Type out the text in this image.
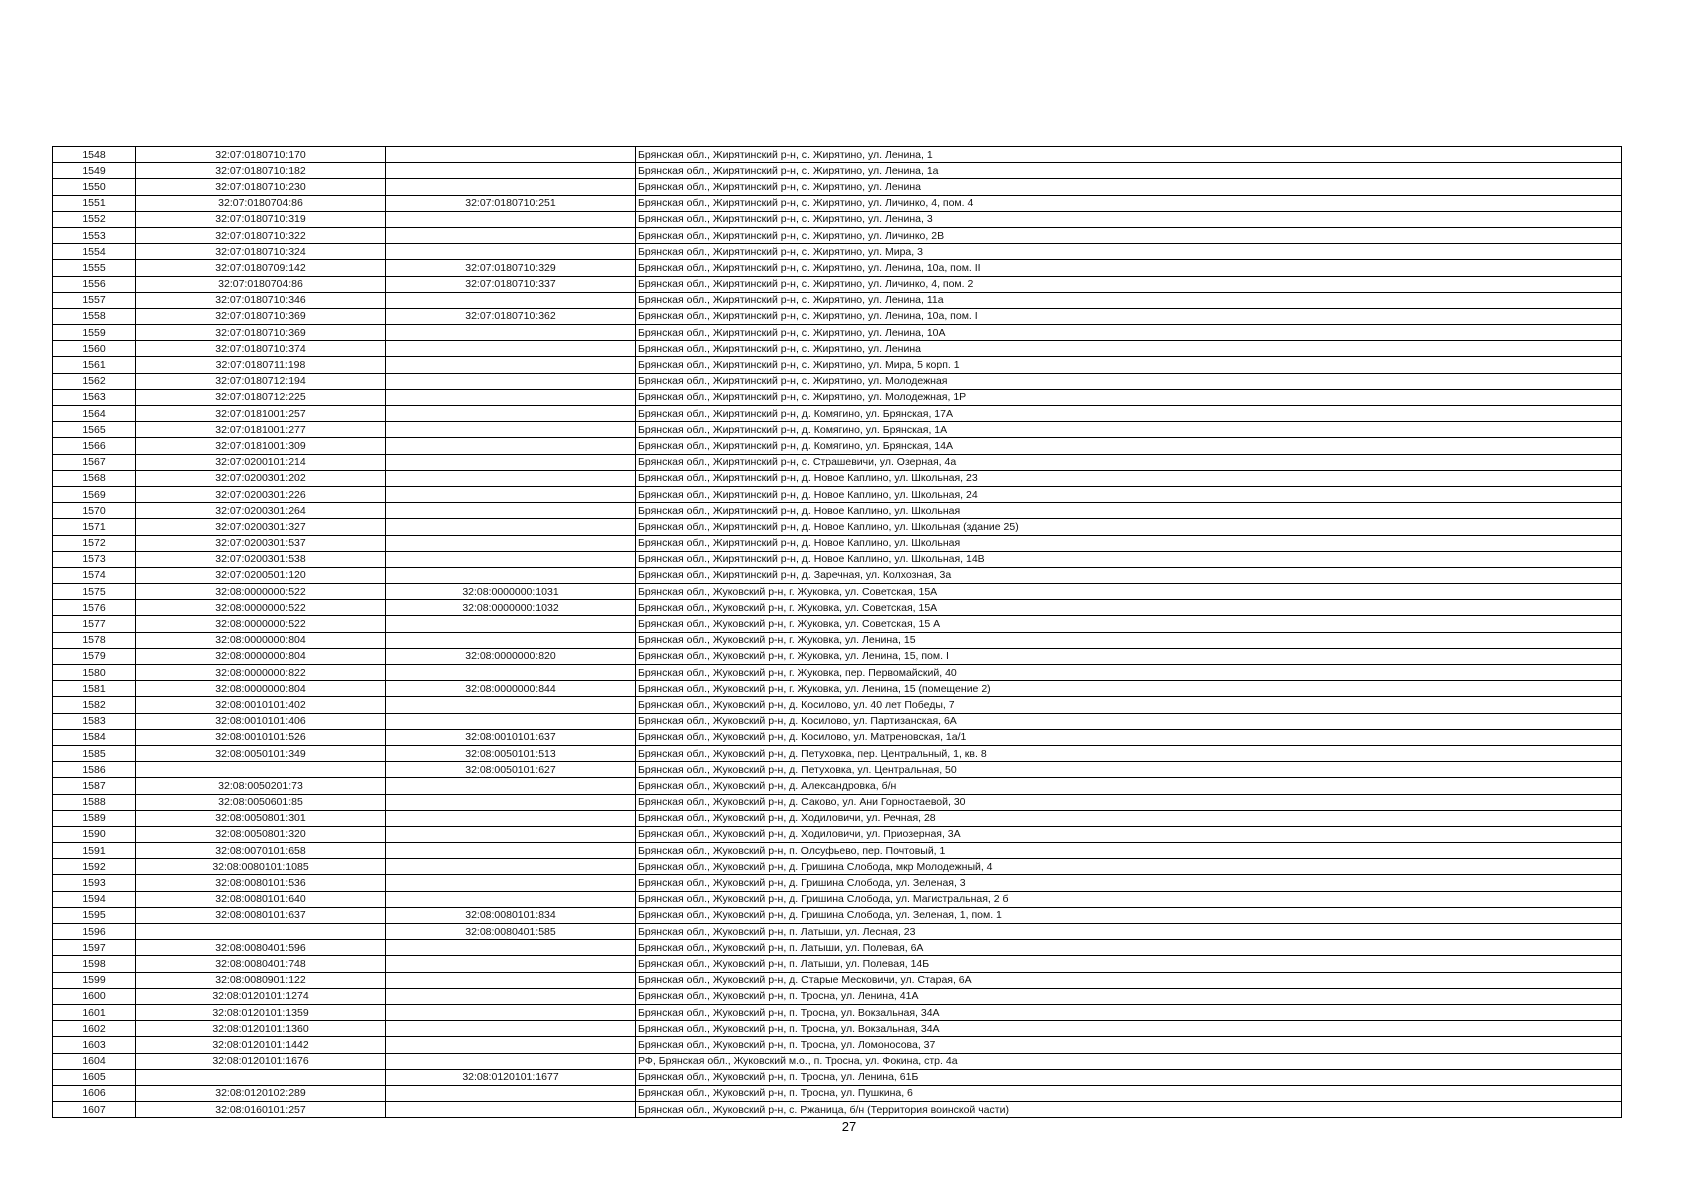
1548	32:07:0180710:170		Брянская обл., Жирятинский р-н, с. Жирятино, ул. Ленина, 1
1549	32:07:0180710:182		Брянская обл., Жирятинский р-н, с. Жирятино, ул. Ленина, 1а
1550	32:07:0180710:230		Брянская обл., Жирятинский р-н, с. Жирятино, ул. Ленина
1551	32:07:0180704:86	32:07:0180710:251	Брянская обл., Жирятинский р-н, с. Жирятино, ул. Личинко, 4, пом. 4
1552	32:07:0180710:319		Брянская обл., Жирятинский р-н, с. Жирятино, ул. Ленина, 3
1553	32:07:0180710:322		Брянская обл., Жирятинский р-н, с. Жирятино, ул. Личинко, 2В
1554	32:07:0180710:324		Брянская обл., Жирятинский р-н, с. Жирятино, ул. Мира, 3
1555	32:07:0180709:142	32:07:0180710:329	Брянская обл., Жирятинский р-н, с. Жирятино, ул. Ленина, 10а, пом. II
1556	32:07:0180704:86	32:07:0180710:337	Брянская обл., Жирятинский р-н, с. Жирятино, ул. Личинко, 4, пом. 2
1557	32:07:0180710:346		Брянская обл., Жирятинский р-н, с. Жирятино, ул. Ленина, 11а
1558	32:07:0180710:369	32:07:0180710:362	Брянская обл., Жирятинский р-н, с. Жирятино, ул. Ленина, 10а, пом. I
1559	32:07:0180710:369		Брянская обл., Жирятинский р-н, с. Жирятино, ул. Ленина, 10А
1560	32:07:0180710:374		Брянская обл., Жирятинский р-н, с. Жирятино, ул. Ленина
1561	32:07:0180711:198		Брянская обл., Жирятинский р-н, с. Жирятино, ул. Мира, 5 корп. 1
1562	32:07:0180712:194		Брянская обл., Жирятинский р-н, с. Жирятино, ул. Молодежная
1563	32:07:0180712:225		Брянская обл., Жирятинский р-н, с. Жирятино, ул. Молодежная, 1Р
1564	32:07:0181001:257		Брянская обл., Жирятинский р-н, д. Комягино, ул. Брянская, 17А
1565	32:07:0181001:277		Брянская обл., Жирятинский р-н, д. Комягино, ул. Брянская, 1А
1566	32:07:0181001:309		Брянская обл., Жирятинский р-н, д. Комягино, ул. Брянская, 14А
1567	32:07:0200101:214		Брянская обл., Жирятинский р-н, с. Страшевичи, ул. Озерная, 4а
1568	32:07:0200301:202		Брянская обл., Жирятинский р-н, д. Новое Каплино, ул. Школьная, 23
1569	32:07:0200301:226		Брянская обл., Жирятинский р-н, д. Новое Каплино, ул. Школьная, 24
1570	32:07:0200301:264		Брянская обл., Жирятинский р-н, д. Новое Каплино, ул. Школьная
1571	32:07:0200301:327		Брянская обл., Жирятинский р-н, д. Новое Каплино, ул. Школьная (здание 25)
1572	32:07:0200301:537		Брянская обл., Жирятинский р-н, д. Новое Каплино, ул. Школьная
1573	32:07:0200301:538		Брянская обл., Жирятинский р-н, д. Новое Каплино, ул. Школьная, 14В
1574	32:07:0200501:120		Брянская обл., Жирятинский р-н, д. Заречная, ул. Колхозная, 3а
1575	32:08:0000000:522	32:08:0000000:1031	Брянская обл., Жуковский р-н, г. Жуковка, ул. Советская, 15А
1576	32:08:0000000:522	32:08:0000000:1032	Брянская обл., Жуковский р-н, г. Жуковка, ул. Советская, 15А
1577	32:08:0000000:522		Брянская обл., Жуковский р-н, г. Жуковка, ул. Советская, 15 А
1578	32:08:0000000:804		Брянская обл., Жуковский р-н, г. Жуковка, ул. Ленина, 15
1579	32:08:0000000:804	32:08:0000000:820	Брянская обл., Жуковский р-н, г. Жуковка, ул. Ленина, 15, пом. I
1580	32:08:0000000:822		Брянская обл., Жуковский р-н, г. Жуковка, пер. Первомайский, 40
1581	32:08:0000000:804	32:08:0000000:844	Брянская обл., Жуковский р-н, г. Жуковка, ул. Ленина, 15 (помещение 2)
1582	32:08:0010101:402		Брянская обл., Жуковский р-н, д. Косилово, ул. 40 лет Победы, 7
1583	32:08:0010101:406		Брянская обл., Жуковский р-н, д. Косилово, ул. Партизанская, 6А
1584	32:08:0010101:526	32:08:0010101:637	Брянская обл., Жуковский р-н, д. Косилово, ул. Матреновская, 1а/1
1585	32:08:0050101:349	32:08:0050101:513	Брянская обл., Жуковский р-н, д. Петуховка, пер. Центральный, 1, кв. 8
1586		32:08:0050101:627	Брянская обл., Жуковский р-н, д. Петуховка, ул. Центральная, 50
1587	32:08:0050201:73		Брянская обл., Жуковский р-н, д. Александровка, б/н
1588	32:08:0050601:85		Брянская обл., Жуковский р-н, д. Саково, ул. Ани Горностаевой, 30
1589	32:08:0050801:301		Брянская обл., Жуковский р-н, д. Ходиловичи, ул. Речная, 28
1590	32:08:0050801:320		Брянская обл., Жуковский р-н, д. Ходиловичи, ул. Приозерная, 3А
1591	32:08:0070101:658		Брянская обл., Жуковский р-н, п. Олсуфьево, пер. Почтовый, 1
1592	32:08:0080101:1085		Брянская обл., Жуковский р-н, д. Гришина Слобода, мкр Молодежный, 4
1593	32:08:0080101:536		Брянская обл., Жуковский р-н, д. Гришина Слобода, ул. Зеленая, 3
1594	32:08:0080101:640		Брянская обл., Жуковский р-н, д. Гришина Слобода, ул. Магистральная, 2 б
1595	32:08:0080101:637	32:08:0080101:834	Брянская обл., Жуковский р-н, д. Гришина Слобода, ул. Зеленая, 1, пом. 1
1596		32:08:0080401:585	Брянская обл., Жуковский р-н, п. Латыши, ул. Лесная, 23
1597	32:08:0080401:596		Брянская обл., Жуковский р-н, п. Латыши, ул. Полевая, 6А
1598	32:08:0080401:748		Брянская обл., Жуковский р-н, п. Латыши, ул. Полевая, 14Б
1599	32:08:0080901:122		Брянская обл., Жуковский р-н, д. Старые Месковичи, ул. Старая, 6А
1600	32:08:0120101:1274		Брянская обл., Жуковский р-н, п. Тросна, ул. Ленина, 41А
1601	32:08:0120101:1359		Брянская обл., Жуковский р-н, п. Тросна, ул. Вокзальная, 34А
1602	32:08:0120101:1360		Брянская обл., Жуковский р-н, п. Тросна, ул. Вокзальная, 34А
1603	32:08:0120101:1442		Брянская обл., Жуковский р-н, п. Тросна, ул. Ломоносова, 37
1604	32:08:0120101:1676		РФ, Брянская обл., Жуковский м.о., п. Тросна, ул. Фокина, стр. 4а
1605		32:08:0120101:1677	Брянская обл., Жуковский р-н, п. Тросна, ул. Ленина, 61Б
1606	32:08:0120102:289		Брянская обл., Жуковский р-н, п. Тросна, ул. Пушкина, 6
1607	32:08:0160101:257		Брянская обл., Жуковский р-н, с. Ржаница, б/н (Территория воинской части)
27
